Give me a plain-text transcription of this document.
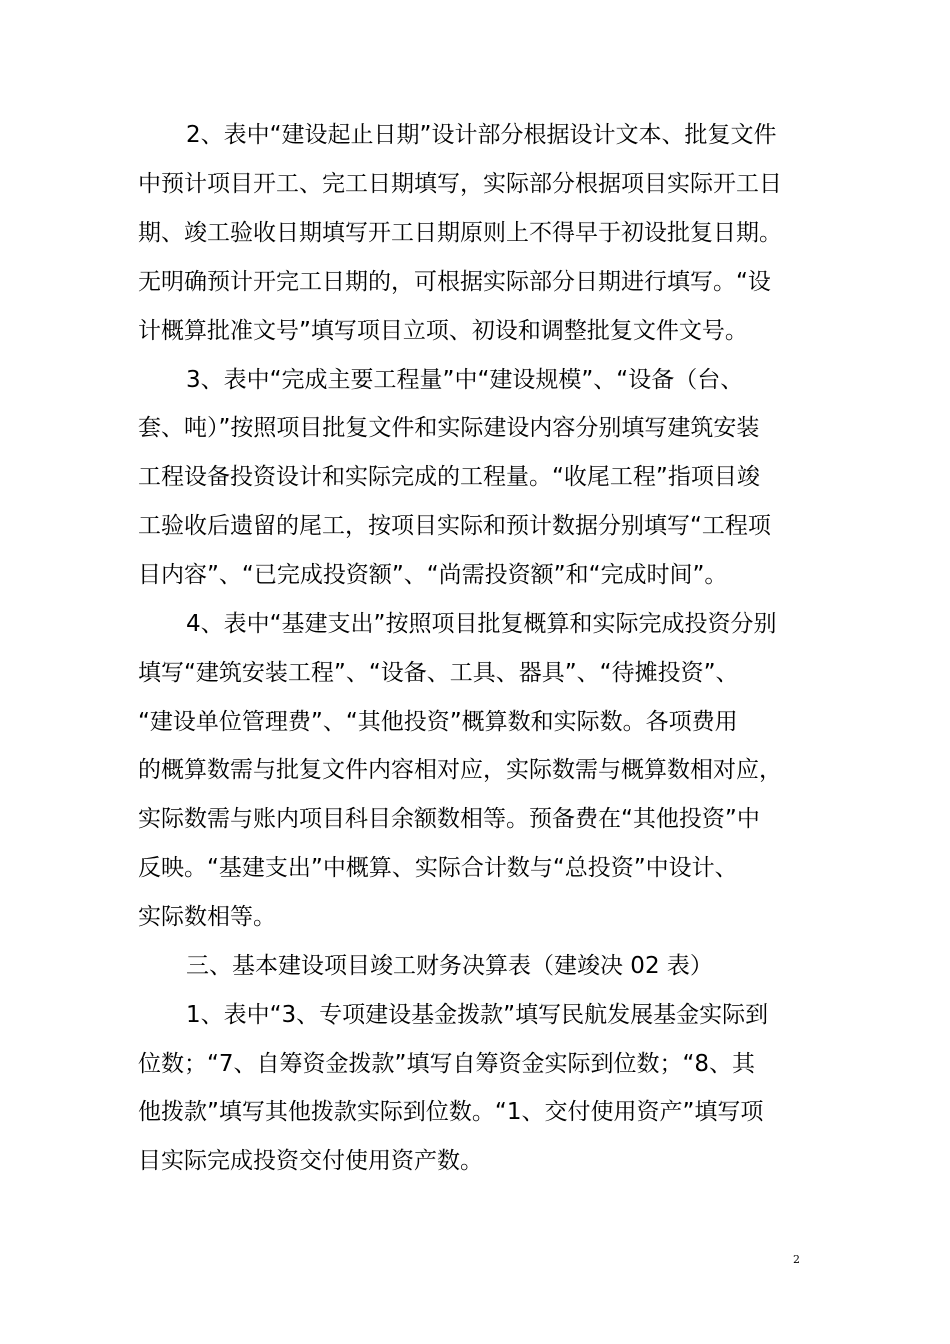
2、表中“建设起止日期”设计部分根据设计文本、批复文件
中预计项目开工、完工日期填写，实际部分根据项目实际开工日
期、竣工验收日期填写开工日期原则上不得早于初设批复日期。
无明确预计开完工日期的，可根据实际部分日期进行填写。“设
计概算批准文号”填写项目立项、初设和调整批复文件文号。
3、表中“完成主要工程量”中“建设规模”、“设备（台、
套、吨）”按照项目批复文件和实际建设内容分别填写建筑安装
工程设备投资设计和实际完成的工程量。“收尾工程”指项目竣
工验收后遗留的尾工，按项目实际和预计数据分别填写“工程项
目内容”、“已完成投资额”、“尚需投资额”和“完成时间”。
4、表中“基建支出”按照项目批复概算和实际完成投资分别
填写“建筑安装工程”、“设备、工具、器具”、“待摊投资”、
“建设单位管理费”、“其他投资”概算数和实际数。各项费用
的概算数需与批复文件内容相对应，实际数需与概算数相对应，
实际数需与账内项目科目余额数相等。预备费在“其他投资”中
反映。“基建支出”中概算、实际合计数与“总投资”中设计、
实际数相等。
三、基本建设项目竣工财务决算表（建竣决 02 表）
1、表中“3、专项建设基金拨款”填写民航发展基金实际到
位数；“7、自筹资金拨款”填写自筹资金实际到位数；“8、其
他拨款”填写其他拨款实际到位数。“1、交付使用资产”填写项
目实际完成投资交付使用资产数。
2
